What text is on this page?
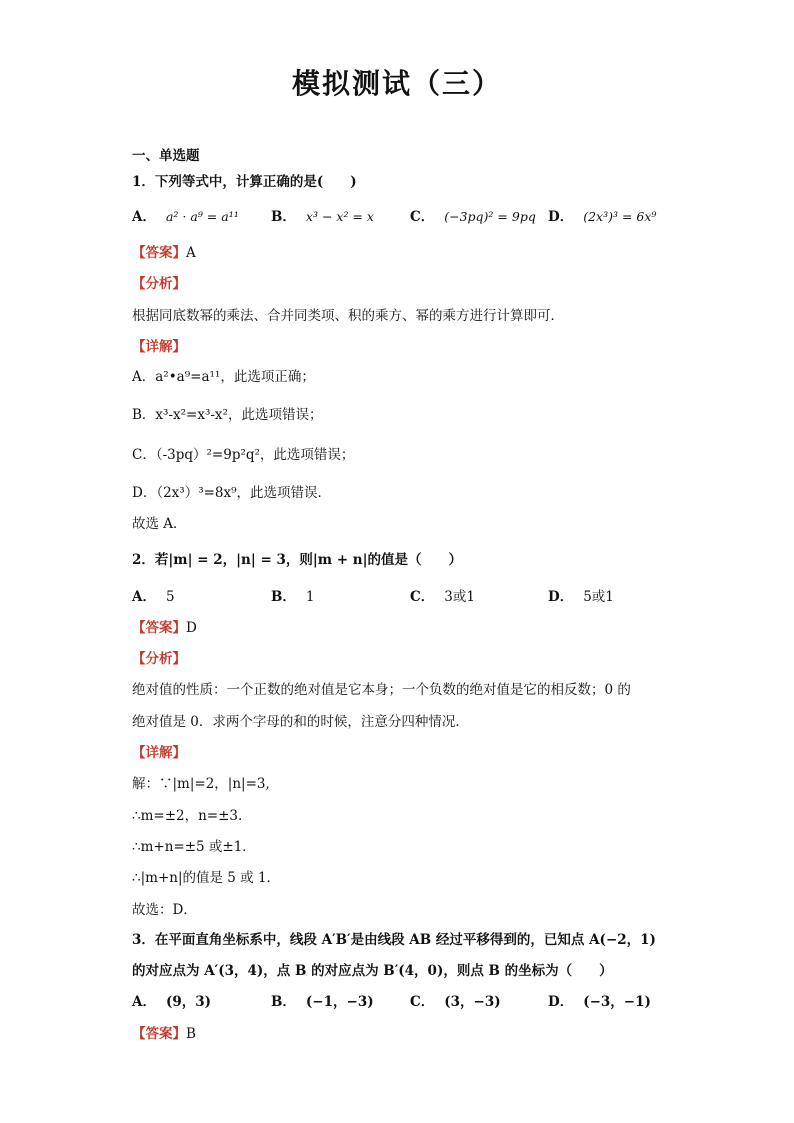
模拟测试（三）
一、单选题
1．下列等式中，计算正确的是(　　)
A． a² · a⁹ = a¹¹ B． x³ − x² = x	C． (−3pq)² = 9pq D． (2x³)³ = 6x⁹
【答案】A
【分析】
根据同底数幂的乘法、合并同类项、积的乘方、幂的乘方进行计算即可．
【详解】
A．a²•a⁹=a¹¹，此选项正确；
B．x³-x²=x³-x²，此选项错误；
C．（-3pq）²=9p²q²，此选项错误；
D．（2x³）³=8x⁹，此选项错误．
故选 A．
2．若|m| = 2，|n| = 3，则|m + n|的值是（　　）
A． 5	B． 1	C． 3或1	D． 5或1
【答案】D
【分析】
绝对值的性质：一个正数的绝对值是它本身；一个负数的绝对值是它的相反数；0 的
绝对值是 0．求两个字母的和的时候，注意分四种情况．
【详解】
解：∵|m|=2，|n|=3,
∴m=±2，n=±3.
∴m+n=±5 或±1．
∴|m+n|的值是 5 或 1．
故选：D．
3．在平面直角坐标系中，线段 A′B′是由线段 AB 经过平移得到的，已知点 A(−2，1)
的对应点为 A′(3，4)，点 B 的对应点为 B′(4，0)，则点 B 的坐标为（　　）
A． (9，3)	B． (−1，−3)	C． (3，−3)	D． (−3，−1)
【答案】B
